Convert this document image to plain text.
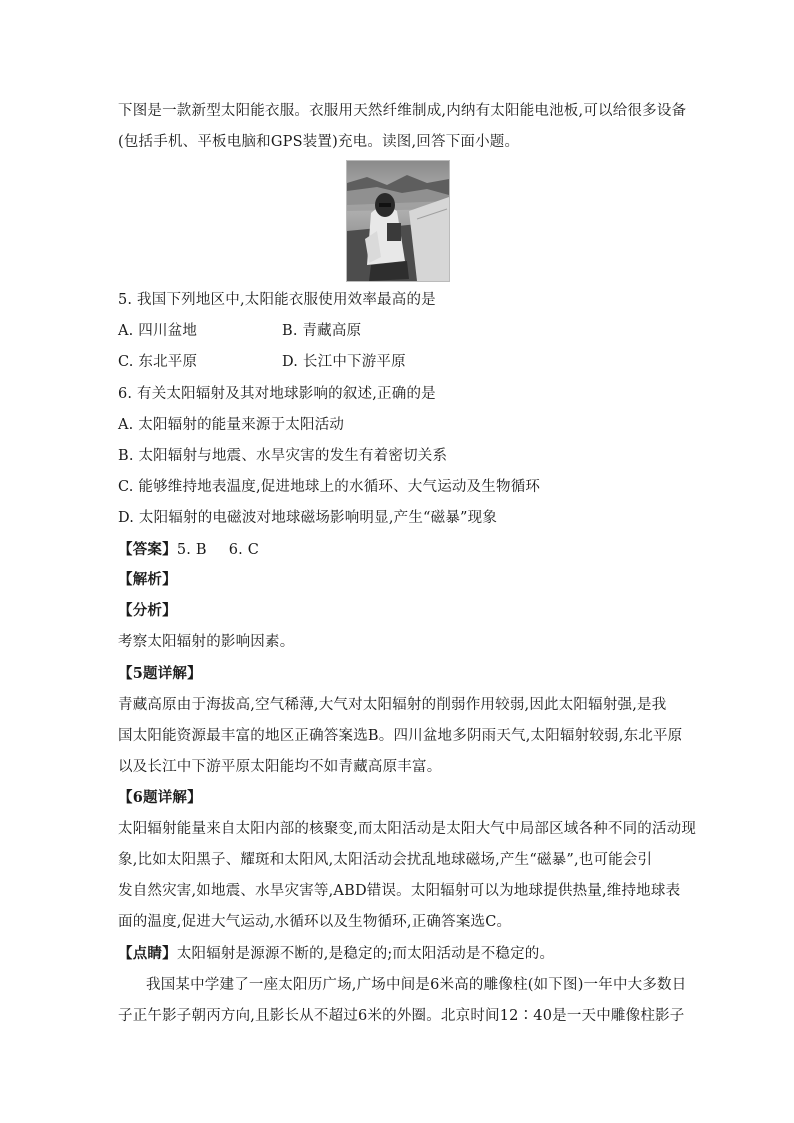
下图是一款新型太阳能衣服。衣服用天然纤维制成,内纳有太阳能电池板,可以给很多设备
(包括手机、平板电脑和GPS装置)充电。读图,回答下面小题。
5. 我国下列地区中,太阳能衣服使用效率最高的是
A. 四川盆地	B. 青藏高原
C. 东北平原	D. 长江中下游平原
6. 有关太阳辐射及其对地球影响的叙述,正确的是
A. 太阳辐射的能量来源于太阳活动
B. 太阳辐射与地震、水旱灾害的发生有着密切关系
C. 能够维持地表温度,促进地球上的水循环、大气运动及生物循环
D. 太阳辐射的电磁波对地球磁场影响明显,产生“磁暴”现象
【答案】5. B 6. C
【解析】
【分析】
考察太阳辐射的影响因素。
【5题详解】
青藏高原由于海拔高,空气稀薄,大气对太阳辐射的削弱作用较弱,因此太阳辐射强,是我
国太阳能资源最丰富的地区正确答案选B。四川盆地多阴雨天气,太阳辐射较弱,东北平原
以及长江中下游平原太阳能均不如青藏高原丰富。
【6题详解】
太阳辐射能量来自太阳内部的核聚变,而太阳活动是太阳大气中局部区域各种不同的活动现
象,比如太阳黑子、耀斑和太阳风,太阳活动会扰乱地球磁场,产生“磁暴”,也可能会引
发自然灾害,如地震、水旱灾害等,ABD错误。太阳辐射可以为地球提供热量,维持地球表
面的温度,促进大气运动,水循环以及生物循环,正确答案选C。
【点睛】太阳辐射是源源不断的,是稳定的;而太阳活动是不稳定的。
我国某中学建了一座太阳历广场,广场中间是6米高的雕像柱(如下图)一年中大多数日
子正午影子朝丙方向,且影长从不超过6米的外圈。北京时间12∶40是一天中雕像柱影子
